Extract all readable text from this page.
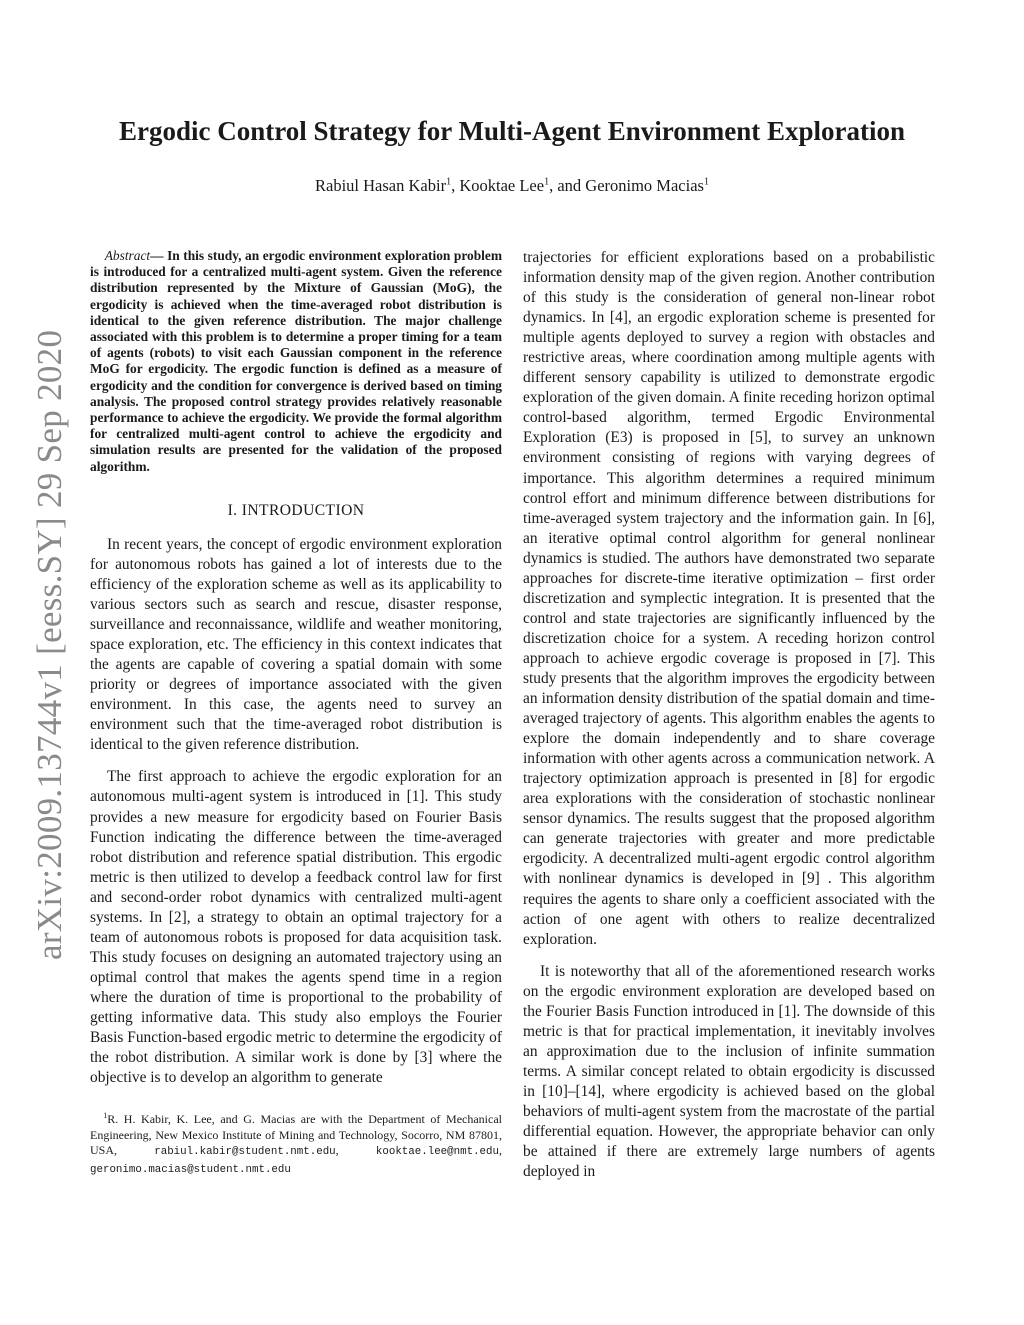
arXiv:2009.13744v1 [eess.SY] 29 Sep 2020
Ergodic Control Strategy for Multi-Agent Environment Exploration
Rabiul Hasan Kabir$^1$, Kooktae Lee$^1$, and Geronimo Macias$^1$

Abstract— In this study, an ergodic environment exploration problem is introduced for a centralized multi-agent system. Given the reference distribution represented by the Mixture of Gaussian (MoG), the ergodicity is achieved when the time-averaged robot distribution is identical to the given reference distribution. The major challenge associated with this problem is to determine a proper timing for a team of agents (robots) to visit each Gaussian component in the reference MoG for ergodicity. The ergodic function is defined as a measure of ergodicity and the condition for convergence is derived based on timing analysis. The proposed control strategy provides relatively reasonable performance to achieve the ergodicity. We provide the formal algorithm for centralized multi-agent control to achieve the ergodicity and simulation results are presented for the validation of the proposed algorithm.

I. INTRODUCTION

In recent years, the concept of ergodic environment exploration for autonomous robots has gained a lot of interests due to the efficiency of the exploration scheme as well as its applicability to various sectors such as search and rescue, disaster response, surveillance and reconnaissance, wildlife and weather monitoring, space exploration, etc. The efficiency in this context indicates that the agents are capable of covering a spatial domain with some priority or degrees of importance associated with the given environment. In this case, the agents need to survey an environment such that the time-averaged robot distribution is identical to the given reference distribution.

The first approach to achieve the ergodic exploration for an autonomous multi-agent system is introduced in [1]. This study provides a new measure for ergodicity based on Fourier Basis Function indicating the difference between the time-averaged robot distribution and reference spatial distribution. This ergodic metric is then utilized to develop a feedback control law for first and second-order robot dynamics with centralized multi-agent systems. In [2], a strategy to obtain an optimal trajectory for a team of autonomous robots is proposed for data acquisition task. This study focuses on designing an automated trajectory using an optimal control that makes the agents spend time in a region where the duration of time is proportional to the probability of getting informative data. This study also employs the Fourier Basis Function-based ergodic metric to determine the ergodicity of the robot distribution. A similar work is done by [3] where the objective is to develop an algorithm to generate

$^1$R. H. Kabir, K. Lee, and G. Macias are with the Department of Mechanical Engineering, New Mexico Institute of Mining and Technology, Socorro, NM 87801, USA, rabiul.kabir@student.nmt.edu, kooktae.lee@nmt.edu, geronimo.macias@student.nmt.edu

trajectories for efficient explorations based on a probabilistic information density map of the given region. Another contribution of this study is the consideration of general non-linear robot dynamics. In [4], an ergodic exploration scheme is presented for multiple agents deployed to survey a region with obstacles and restrictive areas, where coordination among multiple agents with different sensory capability is utilized to demonstrate ergodic exploration of the given domain. A finite receding horizon optimal control-based algorithm, termed Ergodic Environmental Exploration (E3) is proposed in [5], to survey an unknown environment consisting of regions with varying degrees of importance. This algorithm determines a required minimum control effort and minimum difference between distributions for time-averaged system trajectory and the information gain. In [6], an iterative optimal control algorithm for general nonlinear dynamics is studied. The authors have demonstrated two separate approaches for discrete-time iterative optimization – first order discretization and symplectic integration. It is presented that the control and state trajectories are significantly influenced by the discretization choice for a system. A receding horizon control approach to achieve ergodic coverage is proposed in [7]. This study presents that the algorithm improves the ergodicity between an information density distribution of the spatial domain and time-averaged trajectory of agents. This algorithm enables the agents to explore the domain independently and to share coverage information with other agents across a communication network. A trajectory optimization approach is presented in [8] for ergodic area explorations with the consideration of stochastic nonlinear sensor dynamics. The results suggest that the proposed algorithm can generate trajectories with greater and more predictable ergodicity. A decentralized multi-agent ergodic control algorithm with nonlinear dynamics is developed in [9] . This algorithm requires the agents to share only a coefficient associated with the action of one agent with others to realize decentralized exploration.

It is noteworthy that all of the aforementioned research works on the ergodic environment exploration are developed based on the Fourier Basis Function introduced in [1]. The downside of this metric is that for practical implementation, it inevitably involves an approximation due to the inclusion of infinite summation terms. A similar concept related to obtain ergodicity is discussed in [10]–[14], where ergodicity is achieved based on the global behaviors of multi-agent system from the macrostate of the partial differential equation. However, the appropriate behavior can only be attained if there are extremely large numbers of agents deployed in
